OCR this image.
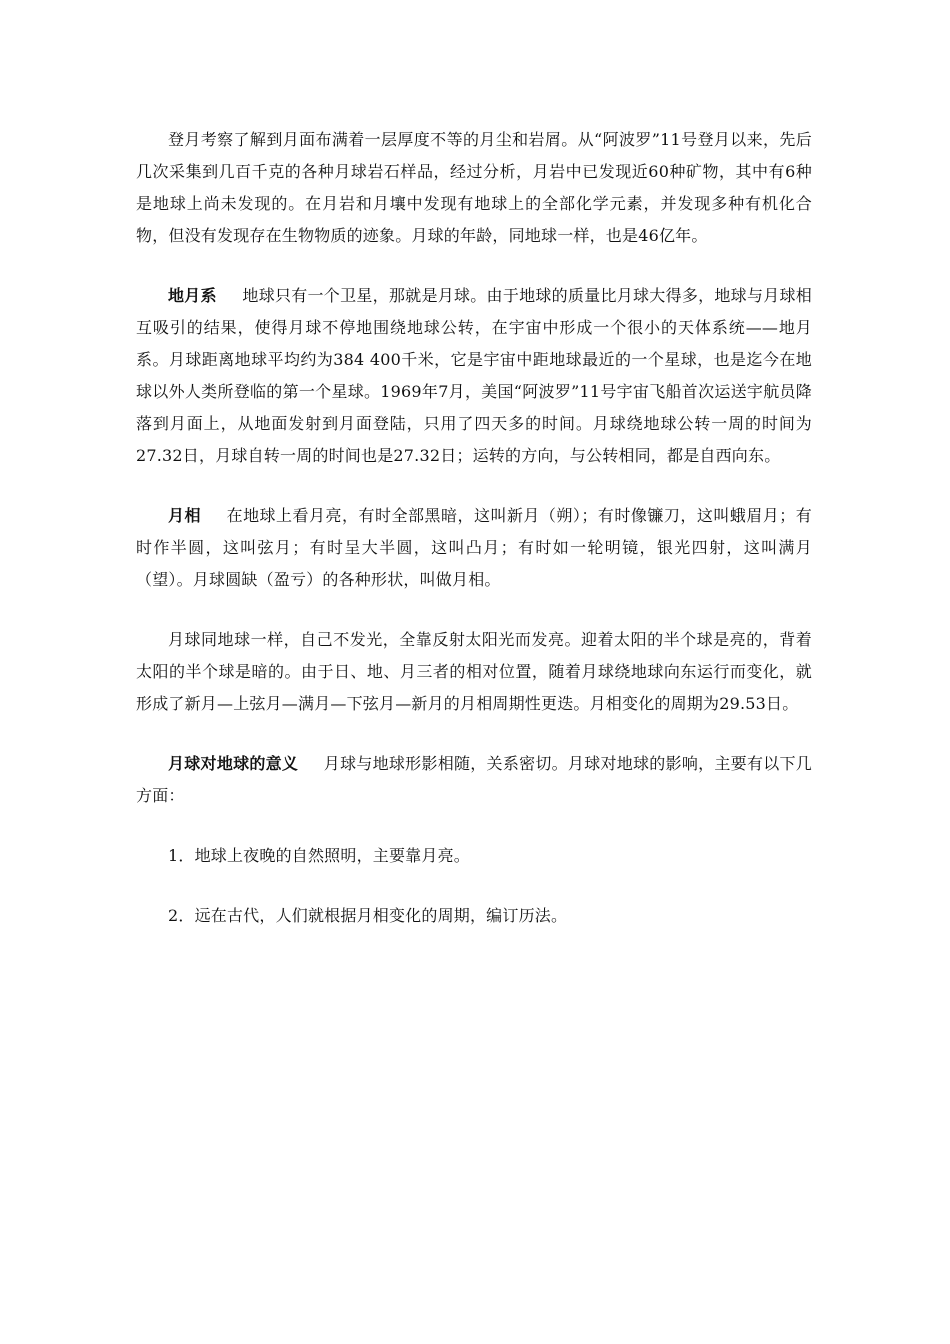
登月考察了解到月面布满着一层厚度不等的月尘和岩屑。从“阿波罗”11号登月以来，先后几次采集到几百千克的各种月球岩石样品，经过分析，月岩中已发现近60种矿物，其中有6种是地球上尚未发现的。在月岩和月壤中发现有地球上的全部化学元素，并发现多种有机化合物，但没有发现存在生物物质的迹象。月球的年龄，同地球一样，也是46亿年。

地月系 地球只有一个卫星，那就是月球。由于地球的质量比月球大得多，地球与月球相互吸引的结果，使得月球不停地围绕地球公转，在宇宙中形成一个很小的天体系统——地月系。月球距离地球平均约为384 400千米，它是宇宙中距地球最近的一个星球，也是迄今在地球以外人类所登临的第一个星球。1969年7月，美国“阿波罗”11号宇宙飞船首次运送宇航员降落到月面上，从地面发射到月面登陆，只用了四天多的时间。月球绕地球公转一周的时间为27.32日，月球自转一周的时间也是27.32日；运转的方向，与公转相同，都是自西向东。

月相 在地球上看月亮，有时全部黑暗，这叫新月（朔）；有时像镰刀，这叫蛾眉月；有时作半圆，这叫弦月；有时呈大半圆，这叫凸月；有时如一轮明镜，银光四射，这叫满月（望）。月球圆缺（盈亏）的各种形状，叫做月相。

月球同地球一样，自己不发光，全靠反射太阳光而发亮。迎着太阳的半个球是亮的，背着太阳的半个球是暗的。由于日、地、月三者的相对位置，随着月球绕地球向东运行而变化，就形成了新月—上弦月—满月—下弦月—新月的月相周期性更迭。月相变化的周期为29.53日。

月球对地球的意义 月球与地球形影相随，关系密切。月球对地球的影响，主要有以下几方面：

1．地球上夜晚的自然照明，主要靠月亮。

2．远在古代，人们就根据月相变化的周期，编订历法。
